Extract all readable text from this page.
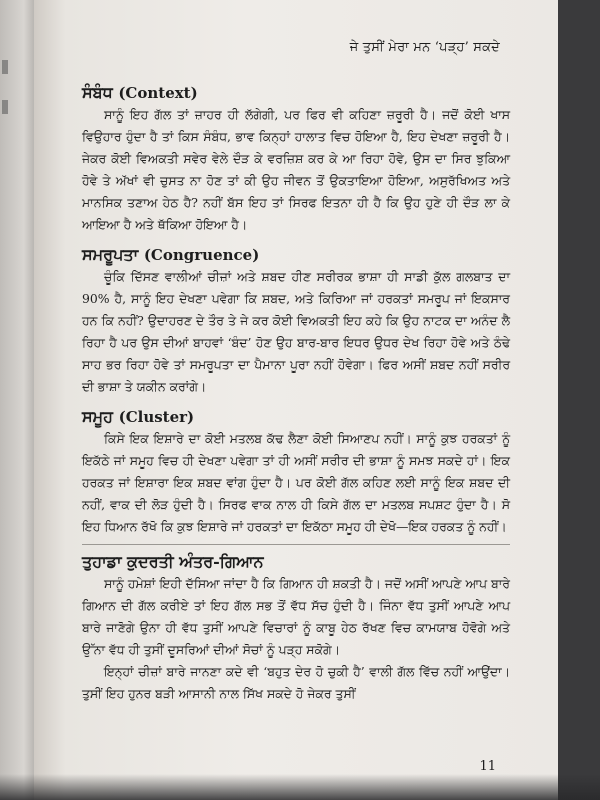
ਜੇ ਤੁਸੀਂ ਮੇਰਾ ਮਨ ‘ਪੜ੍ਹ’ ਸਕਦੇ
ਸੰਬੰਧ (Context)

ਸਾਨੂੰ ਇਹ ਗੱਲ ਤਾਂ ਜ਼ਾਹਰ ਹੀ ਲੱਗੇਗੀ, ਪਰ ਫਿਰ ਵੀ ਕਹਿਣਾ ਜ਼ਰੂਰੀ ਹੈ। ਜਦੋਂ ਕੋਈ ਖਾਸ ਵਿਉਹਾਰ ਹੁੰਦਾ ਹੈ ਤਾਂ ਕਿਸ ਸੰਬੰਧ, ਭਾਵ ਕਿਨ੍ਹਾਂ ਹਾਲਾਤ ਵਿਚ ਹੋਇਆ ਹੈ, ਇਹ ਦੇਖਣਾ ਜ਼ਰੂਰੀ ਹੈ। ਜੇਕਰ ਕੋਈ ਵਿਅਕਤੀ ਸਵੇਰ ਵੇਲੇ ਦੌੜ ਕੇ ਵਰਜ਼ਿਸ਼ ਕਰ ਕੇ ਆ ਰਿਹਾ ਹੋਵੇ, ਉਸ ਦਾ ਸਿਰ ਝੁਕਿਆ ਹੋਵੇ ਤੇ ਅੱਖਾਂ ਵੀ ਚੁਸਤ ਨਾ ਹੋਣ ਤਾਂ ਕੀ ਉਹ ਜੀਵਨ ਤੋਂ ਉਕਤਾਇਆ ਹੋਇਆ, ਅਸੁਰੱਖਿਅਤ ਅਤੇ ਮਾਨਸਿਕ ਤਣਾਅ ਹੇਠ ਹੈ? ਨਹੀਂ ਬੱਸ ਇਹ ਤਾਂ ਸਿਰਫ ਇਤਨਾ ਹੀ ਹੈ ਕਿ ਉਹ ਹੁਣੇ ਹੀ ਦੌੜ ਲਾ ਕੇ ਆਇਆ ਹੈ ਅਤੇ ਥੱਕਿਆ ਹੋਇਆ ਹੈ।

ਸਮਰੂਪਤਾ (Congruence)

ਚੂੰਕਿ ਦਿੱਸਣ ਵਾਲੀਆਂ ਚੀਜ਼ਾਂ ਅਤੇ ਸ਼ਬਦ ਹੀਣ ਸਰੀਰਕ ਭਾਸ਼ਾ ਹੀ ਸਾਡੀ ਕੁੱਲ ਗਲਬਾਤ ਦਾ 90% ਹੈ, ਸਾਨੂੰ ਇਹ ਦੇਖਣਾ ਪਵੇਗਾ ਕਿ ਸ਼ਬਦ, ਅਤੇ ਕਿਰਿਆ ਜਾਂ ਹਰਕਤਾਂ ਸਮਰੂਪ ਜਾਂ ਇਕਸਾਰ ਹਨ ਕਿ ਨਹੀਂ? ਉਦਾਹਰਣ ਦੇ ਤੌਰ ਤੇ ਜੇ ਕਰ ਕੋਈ ਵਿਅਕਤੀ ਇਹ ਕਹੇ ਕਿ ਉਹ ਨਾਟਕ ਦਾ ਅਨੰਦ ਲੈ ਰਿਹਾ ਹੈ ਪਰ ਉਸ ਦੀਆਂ ਬਾਹਵਾਂ ‘ਬੰਦ’ ਹੋਣ ਉਹ ਬਾਰ-ਬਾਰ ਇਧਰ ਉਧਰ ਦੇਖ ਰਿਹਾ ਹੋਵੇ ਅਤੇ ਠੰਢੇ ਸਾਹ ਭਰ ਰਿਹਾ ਹੋਵੇ ਤਾਂ ਸਮਰੂਪਤਾ ਦਾ ਪੈਮਾਨਾ ਪੂਰਾ ਨਹੀਂ ਹੋਵੇਗਾ। ਫਿਰ ਅਸੀਂ ਸ਼ਬਦ ਨਹੀਂ ਸਰੀਰ ਦੀ ਭਾਸ਼ਾ ਤੇ ਯਕੀਨ ਕਰਾਂਗੇ।

ਸਮੂਹ (Cluster)

ਕਿਸੇ ਇਕ ਇਸ਼ਾਰੇ ਦਾ ਕੋਈ ਮਤਲਬ ਕੱਢ ਲੈਣਾ ਕੋਈ ਸਿਆਣਪ ਨਹੀਂ। ਸਾਨੂੰ ਕੁਝ ਹਰਕਤਾਂ ਨੂੰ ਇਕੱਠੇ ਜਾਂ ਸਮੂਹ ਵਿਚ ਹੀ ਦੇਖਣਾ ਪਵੇਗਾ ਤਾਂ ਹੀ ਅਸੀਂ ਸਰੀਰ ਦੀ ਭਾਸ਼ਾ ਨੂੰ ਸਮਝ ਸਕਦੇ ਹਾਂ। ਇਕ ਹਰਕਤ ਜਾਂ ਇਸ਼ਾਰਾ ਇਕ ਸ਼ਬਦ ਵਾਂਗ ਹੁੰਦਾ ਹੈ। ਪਰ ਕੋਈ ਗੱਲ ਕਹਿਣ ਲਈ ਸਾਨੂੰ ਇਕ ਸ਼ਬਦ ਦੀ ਨਹੀਂ, ਵਾਕ ਦੀ ਲੋੜ ਹੁੰਦੀ ਹੈ। ਸਿਰਫ ਵਾਕ ਨਾਲ ਹੀ ਕਿਸੇ ਗੱਲ ਦਾ ਮਤਲਬ ਸਪਸ਼ਟ ਹੁੰਦਾ ਹੈ। ਸੋ ਇਹ ਧਿਆਨ ਰੱਖੋ ਕਿ ਕੁਝ ਇਸ਼ਾਰੇ ਜਾਂ ਹਰਕਤਾਂ ਦਾ ਇਕੱਠਾ ਸਮੂਹ ਹੀ ਦੇਖੋ—ਇਕ ਹਰਕਤ ਨੂੰ ਨਹੀਂ।

ਤੁਹਾਡਾ ਕੁਦਰਤੀ ਅੰਤਰ-ਗਿਆਨ

ਸਾਨੂੰ ਹਮੇਸ਼ਾਂ ਇਹੀ ਦੱਸਿਆ ਜਾਂਦਾ ਹੈ ਕਿ ਗਿਆਨ ਹੀ ਸ਼ਕਤੀ ਹੈ। ਜਦੋਂ ਅਸੀਂ ਆਪਣੇ ਆਪ ਬਾਰੇ ਗਿਆਨ ਦੀ ਗੱਲ ਕਰੀਏ ਤਾਂ ਇਹ ਗੱਲ ਸਭ ਤੋਂ ਵੱਧ ਸੱਚ ਹੁੰਦੀ ਹੈ। ਜਿੰਨਾ ਵੱਧ ਤੁਸੀਂ ਆਪਣੇ ਆਪ ਬਾਰੇ ਜਾਣੋਗੇ ਉਨਾ ਹੀ ਵੱਧ ਤੁਸੀਂ ਆਪਣੇ ਵਿਚਾਰਾਂ ਨੂੰ ਕਾਬੂ ਹੇਠ ਰੱਖਣ ਵਿਚ ਕਾਮਯਾਬ ਹੋਵੋਗੇ ਅਤੇ ਉੱਨਾ ਵੱਧ ਹੀ ਤੁਸੀਂ ਦੂਸਰਿਆਂ ਦੀਆਂ ਸੋਚਾਂ ਨੂੰ ਪੜ੍ਹ ਸਕੋਗੇ।

ਇਨ੍ਹਾਂ ਚੀਜ਼ਾਂ ਬਾਰੇ ਜਾਨਣਾ ਕਦੇ ਵੀ ‘ਬਹੁਤ ਦੇਰ ਹੋ ਚੁਕੀ ਹੈ’ ਵਾਲੀ ਗੱਲ ਵਿੱਚ ਨਹੀਂ ਆਉਂਦਾ। ਤੁਸੀਂ ਇਹ ਹੁਨਰ ਬੜੀ ਆਸਾਨੀ ਨਾਲ ਸਿੱਖ ਸਕਦੇ ਹੋ ਜੇਕਰ ਤੁਸੀਂ

11
